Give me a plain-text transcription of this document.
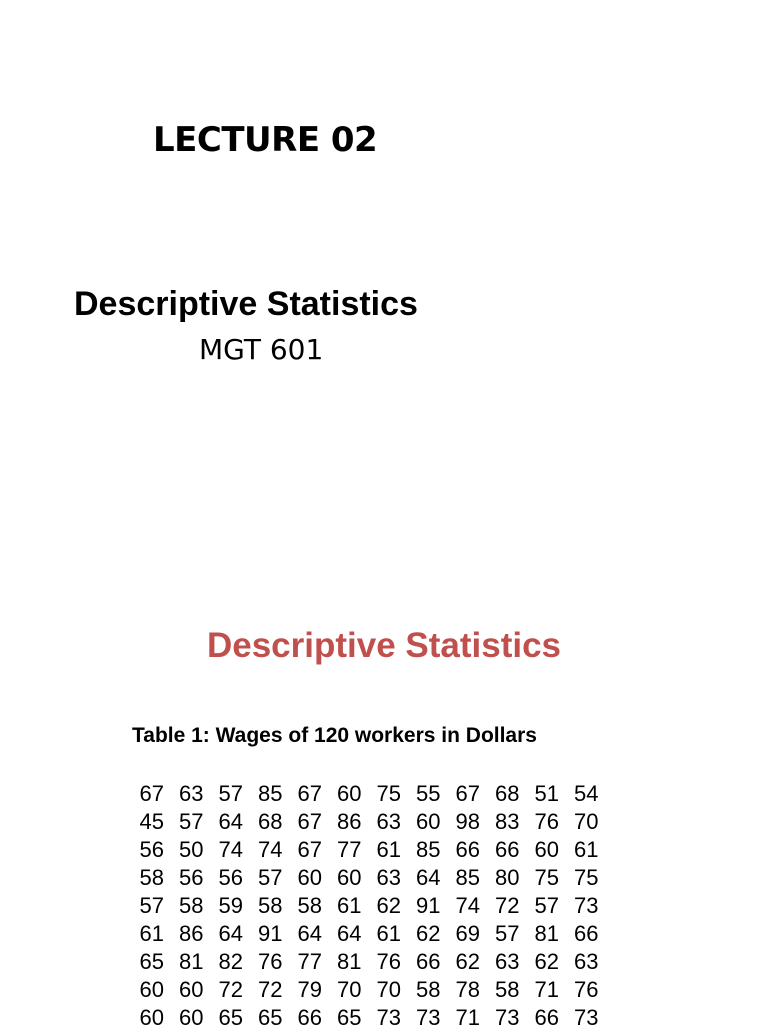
LECTURE 02
Descriptive Statistics
MGT 601
Descriptive Statistics
Table 1: Wages of 120 workers in Dollars
67	63	57	85	67	60	75	55	67	68	51	54
45	57	64	68	67	86	63	60	98	83	76	70
56	50	74	74	67	77	61	85	66	66	60	61
58	56	56	57	60	60	63	64	85	80	75	75
57	58	59	58	58	61	62	91	74	72	57	73
61	86	64	91	64	64	61	62	69	57	81	66
65	81	82	76	77	81	76	66	62	63	62	63
60	60	72	72	79	70	70	58	78	58	71	76
60	60	65	65	66	65	73	73	71	73	66	73
